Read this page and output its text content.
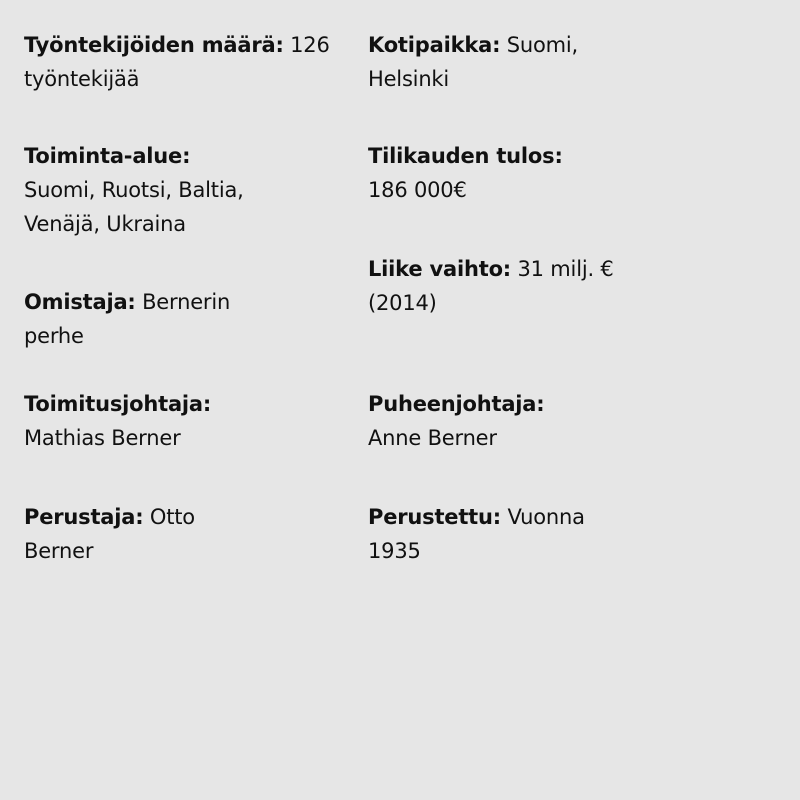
Työntekijöiden määrä: 126 työntekijää

Toiminta-alue:
Suomi, Ruotsi, Baltia, Venäjä, Ukraina

Omistaja: Bernerin perhe

Toimitusjohtaja:
Mathias Berner

Perustaja: Otto Berner

Kotipaikka: Suomi, Helsinki

Tilikauden tulos:
186 000€

Liike vaihto: 31 milj. € (2014)

Puheenjohtaja:
Anne Berner

Perustettu: Vuonna 1935
